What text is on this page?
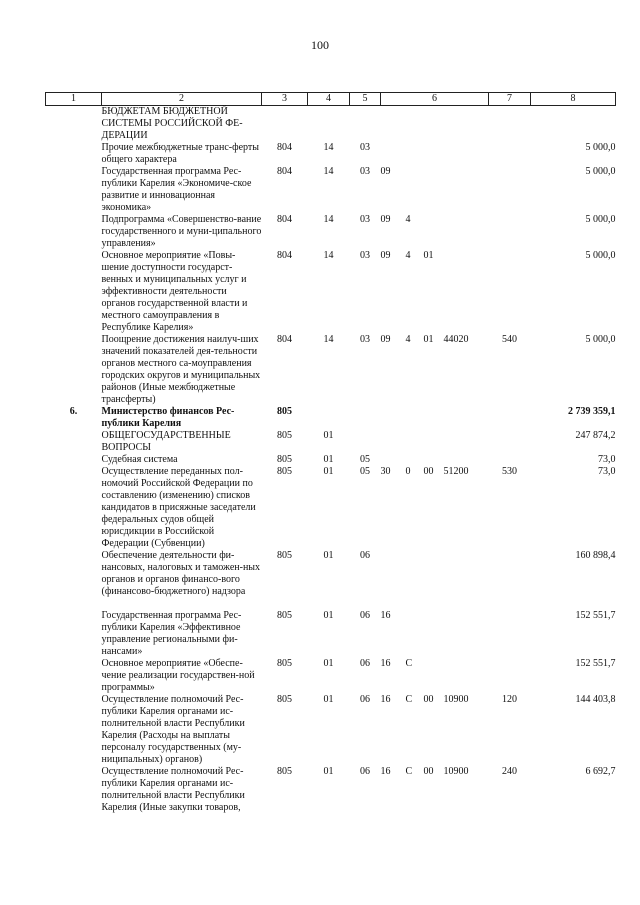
100
1	2	3	4	5	6				7	8
	БЮДЖЕТАМ БЮДЖЕТНОЙ СИСТЕМЫ РОССИЙСКОЙ ФЕ-ДЕРАЦИИ									
	Прочие межбюджетные транс-ферты общего характера	804	14	03						5 000,0
	Государственная программа Рес-публики Карелия «Экономиче-ское развитие и инновационная экономика»	804	14	03	09					5 000,0
	Подпрограмма «Совершенство-вание государственного и муни-ципального управления»	804	14	03	09	4				5 000,0
	Основное мероприятие «Повы-шение доступности государст-венных и муниципальных услуг и эффективности деятельности органов государственной власти и местного самоуправления в Республике Карелия»	804	14	03	09	4	01			5 000,0
	Поощрение достижения наилуч-ших значений показателей дея-тельности органов местного са-моуправления городских округов и муниципальных районов (Иные межбюджетные трансферты)	804	14	03	09	4	01	44020	540	5 000,0
6.	Министерство финансов Рес-публики Карелия	805								2 739 359,1
	ОБЩЕГОСУДАРСТВЕННЫЕ ВОПРОСЫ	805	01							247 874,2
	Судебная система	805	01	05						73,0
	Осуществление переданных пол-номочий Российской Федерации по составлению (изменению) списков кандидатов в присяжные заседатели федеральных судов общей юрисдикции в Российской Федерации (Субвенции)	805	01	05	30	0	00	51200	530	73,0
	Обеспечение деятельности фи-нансовых, налоговых и таможен-ных органов и органов финансо-вого (финансово-бюджетного) надзора	805	01	06						160 898,4
	Государственная программа Рес-публики Карелия «Эффективное управление региональными фи-нансами»	805	01	06	16					152 551,7
	Основное мероприятие «Обеспе-чение реализации государствен-ной программы»	805	01	06	16	С				152 551,7
	Осуществление полномочий Рес-публики Карелия органами ис-полнительной власти Республики Карелия (Расходы на выплаты персоналу государственных (му-ниципальных) органов)	805	01	06	16	С	00	10900	120	144 403,8
	Осуществление полномочий Рес-публики Карелия органами ис-полнительной власти Республики Карелия (Иные закупки товаров,	805	01	06	16	С	00	10900	240	6 692,7
